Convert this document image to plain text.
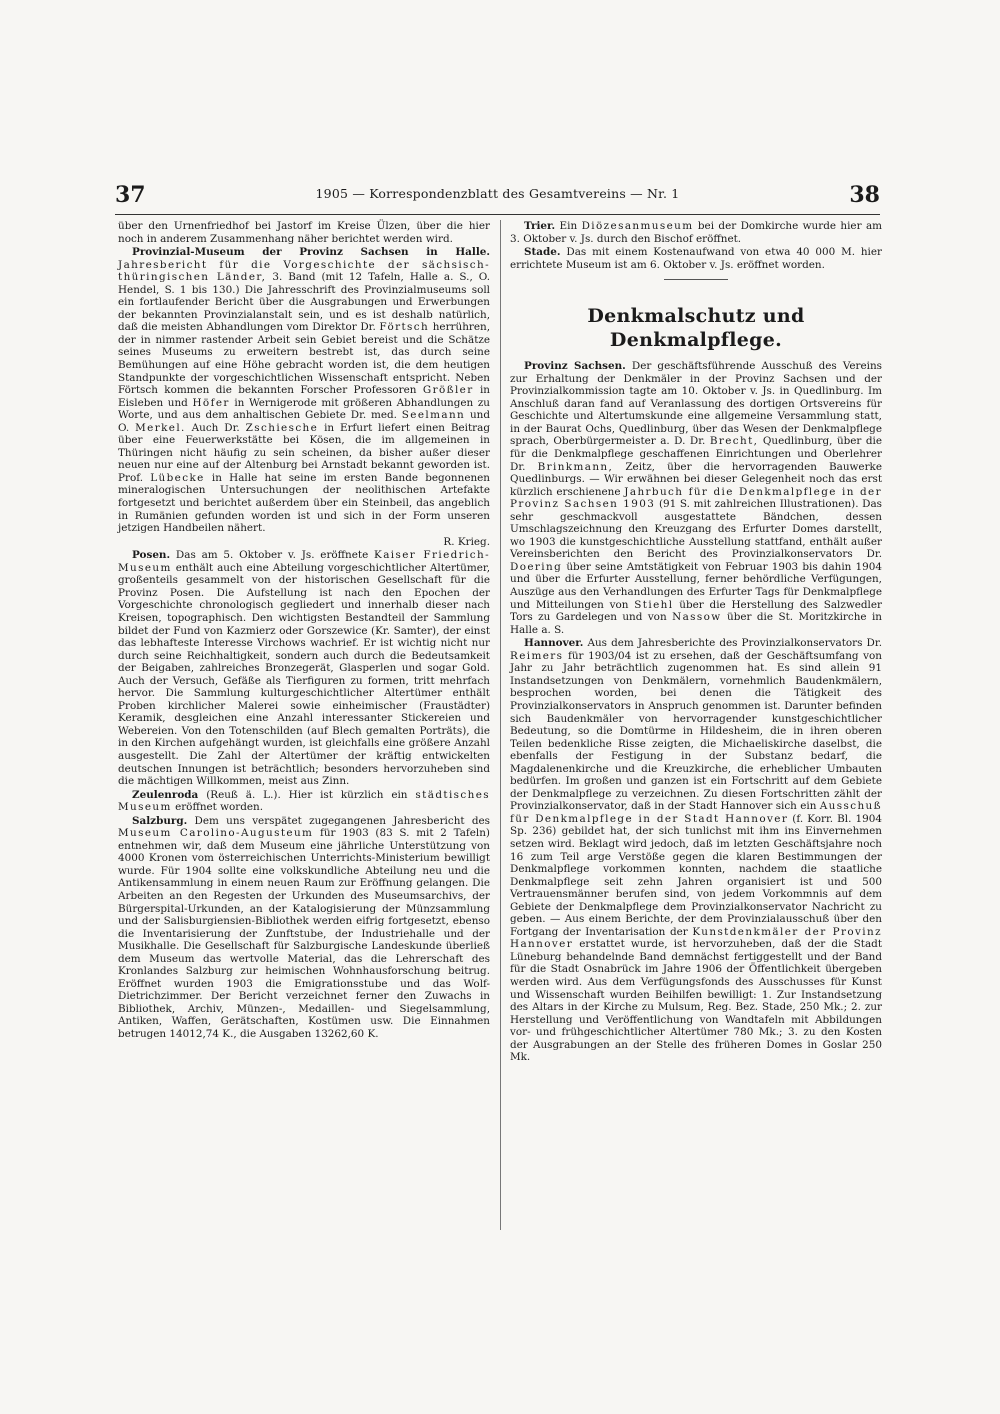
37	1905 — Korrespondenzblatt des Gesamtvereins — Nr. 1	38

über den Urnenfriedhof bei Jastorf im Kreise Ülzen, über die hier noch in anderem Zusammenhang näher berichtet werden wird.

Provinzial-Museum der Provinz Sachsen in Halle. Jahresbericht für die Vorgeschichte der sächsisch-thüringischen Länder, 3. Band (mit 12 Tafeln, Halle a. S., O. Hendel, S. 1 bis 130.) Die Jahresschrift des Provinzialmuseums soll ein fortlaufender Bericht über die Ausgrabungen und Erwerbungen der bekannten Provinzialanstalt sein, und es ist deshalb natürlich, daß die meisten Abhandlungen vom Direktor Dr. Förtsch herrühren, der in nimmer rastender Arbeit sein Gebiet bereist und die Schätze seines Museums zu erweitern bestrebt ist, das durch seine Bemühungen auf eine Höhe gebracht worden ist, die dem heutigen Standpunkte der vorgeschichtlichen Wissenschaft entspricht. Neben Förtsch kommen die bekannten Forscher Professoren Größler in Eisleben und Höfer in Wernigerode mit größeren Abhandlungen zu Worte, und aus dem anhaltischen Gebiete Dr. med. Seelmann und O. Merkel. Auch Dr. Zschiesche in Erfurt liefert einen Beitrag über eine Feuerwerkstätte bei Kösen, die im allgemeinen in Thüringen nicht häufig zu sein scheinen, da bisher außer dieser neuen nur eine auf der Altenburg bei Arnstadt bekannt geworden ist. Prof. Lübecke in Halle hat seine im ersten Bande begonnenen mineralogischen Untersuchungen der neolithischen Artefakte fortgesetzt und berichtet außerdem über ein Steinbeil, das angeblich in Rumänien gefunden worden ist und sich in der Form unseren jetzigen Handbeilen nähert.

R. Krieg.

Posen. Das am 5. Oktober v. Js. eröffnete Kaiser Friedrich-Museum enthält auch eine Abteilung vorgeschichtlicher Altertümer, großenteils gesammelt von der historischen Gesellschaft für die Provinz Posen. Die Aufstellung ist nach den Epochen der Vorgeschichte chronologisch gegliedert und innerhalb dieser nach Kreisen, topographisch. Den wichtigsten Bestandteil der Sammlung bildet der Fund von Kazmierz oder Gorszewice (Kr. Samter), der einst das lebhafteste Interesse Virchows wachrief. Er ist wichtig nicht nur durch seine Reichhaltigkeit, sondern auch durch die Bedeutsamkeit der Beigaben, zahlreiches Bronzegerät, Glasperlen und sogar Gold. Auch der Versuch, Gefäße als Tierfiguren zu formen, tritt mehrfach hervor. Die Sammlung kulturgeschichtlicher Altertümer enthält Proben kirchlicher Malerei sowie einheimischer (Fraustädter) Keramik, desgleichen eine Anzahl interessanter Stickereien und Webereien. Von den Totenschilden (auf Blech gemalten Porträts), die in den Kirchen aufgehängt wurden, ist gleichfalls eine größere Anzahl ausgestellt. Die Zahl der Altertümer der kräftig entwickelten deutschen Innungen ist beträchtlich; besonders hervorzuheben sind die mächtigen Willkommen, meist aus Zinn.

Zeulenroda (Reuß ä. L.). Hier ist kürzlich ein städtisches Museum eröffnet worden.

Salzburg. Dem uns verspätet zugegangenen Jahresbericht des Museum Carolino-Augusteum für 1903 (83 S. mit 2 Tafeln) entnehmen wir, daß dem Museum eine jährliche Unterstützung von 4000 Kronen vom österreichischen Unterrichts-Ministerium bewilligt wurde. Für 1904 sollte eine volkskundliche Abteilung neu und die Antikensammlung in einem neuen Raum zur Eröffnung gelangen. Die Arbeiten an den Regesten der Urkunden des Museumsarchivs, der Bürgerspital-Urkunden, an der Katalogisierung der Münzsammlung und der Salisburgiensien-Bibliothek werden eifrig fortgesetzt, ebenso die Inventarisierung der Zunftstube, der Industriehalle und der Musikhalle. Die Gesellschaft für Salzburgische Landeskunde überließ dem Museum das wertvolle Material, das die Lehrerschaft des Kronlandes Salzburg zur heimischen Wohnhausforschung beitrug. Eröffnet wurden 1903 die Emigrationsstube und das Wolf-Dietrichzimmer. Der Bericht verzeichnet ferner den Zuwachs in Bibliothek, Archiv, Münzen-, Medaillen- und Siegelsammlung, Antiken, Waffen, Gerätschaften, Kostümen usw. Die Einnahmen betrugen 14012,74 K., die Ausgaben 13262,60 K.

Trier. Ein Diözesanmuseum bei der Domkirche wurde hier am 3. Oktober v. Js. durch den Bischof eröffnet.

Stade. Das mit einem Kostenaufwand von etwa 40 000 M. hier errichtete Museum ist am 6. Oktober v. Js. eröffnet worden.

Denkmalschutz und Denkmalpflege.

Provinz Sachsen. Der geschäftsführende Ausschuß des Vereins zur Erhaltung der Denkmäler in der Provinz Sachsen und der Provinzialkommission tagte am 10. Oktober v. Js. in Quedlinburg. Im Anschluß daran fand auf Veranlassung des dortigen Ortsvereins für Geschichte und Altertumskunde eine allgemeine Versammlung statt, in der Baurat Ochs, Quedlinburg, über das Wesen der Denkmalpflege sprach, Oberbürgermeister a. D. Dr. Brecht, Quedlinburg, über die für die Denkmalpflege geschaffenen Einrichtungen und Oberlehrer Dr. Brinkmann, Zeitz, über die hervorragenden Bauwerke Quedlinburgs. — Wir erwähnen bei dieser Gelegenheit noch das erst kürzlich erschienene Jahrbuch für die Denkmalpflege in der Provinz Sachsen 1903 (91 S. mit zahlreichen Illustrationen). Das sehr geschmackvoll ausgestattete Bändchen, dessen Umschlagszeichnung den Kreuzgang des Erfurter Domes darstellt, wo 1903 die kunstgeschichtliche Ausstellung stattfand, enthält außer Vereinsberichten den Bericht des Provinzialkonservators Dr. Doering über seine Amtstätigkeit von Februar 1903 bis dahin 1904 und über die Erfurter Ausstellung, ferner behördliche Verfügungen, Auszüge aus den Verhandlungen des Erfurter Tags für Denkmalpflege und Mitteilungen von Stiehl über die Herstellung des Salzwedler Tors zu Gardelegen und von Nassow über die St. Moritzkirche in Halle a. S.

Hannover. Aus dem Jahresberichte des Provinzialkonservators Dr. Reimers für 1903/04 ist zu ersehen, daß der Geschäftsumfang von Jahr zu Jahr beträchtlich zugenommen hat. Es sind allein 91 Instandsetzungen von Denkmälern, vornehmlich Baudenkmälern, besprochen worden, bei denen die Tätigkeit des Provinzialkonservators in Anspruch genommen ist. Darunter befinden sich Baudenkmäler von hervorragender kunstgeschichtlicher Bedeutung, so die Domtürme in Hildesheim, die in ihren oberen Teilen bedenkliche Risse zeigten, die Michaeliskirche daselbst, die ebenfalls der Festigung in der Substanz bedarf, die Magdalenenkirche und die Kreuzkirche, die erheblicher Umbauten bedürfen. Im großen und ganzen ist ein Fortschritt auf dem Gebiete der Denkmalpflege zu verzeichnen. Zu diesen Fortschritten zählt der Provinzialkonservator, daß in der Stadt Hannover sich ein Ausschuß für Denkmalpflege in der Stadt Hannover (f. Korr. Bl. 1904 Sp. 236) gebildet hat, der sich tunlichst mit ihm ins Einvernehmen setzen wird. Beklagt wird jedoch, daß im letzten Geschäftsjahre noch 16 zum Teil arge Verstöße gegen die klaren Bestimmungen der Denkmalpflege vorkommen konnten, nachdem die staatliche Denkmalpflege seit zehn Jahren organisiert ist und 500 Vertrauensmänner berufen sind, von jedem Vorkommnis auf dem Gebiete der Denkmalpflege dem Provinzialkonservator Nachricht zu geben. — Aus einem Berichte, der dem Provinzialausschuß über den Fortgang der Inventarisation der Kunstdenkmäler der Provinz Hannover erstattet wurde, ist hervorzuheben, daß der die Stadt Lüneburg behandelnde Band demnächst fertiggestellt und der Band für die Stadt Osnabrück im Jahre 1906 der Öffentlichkeit übergeben werden wird. Aus dem Verfügungsfonds des Ausschusses für Kunst und Wissenschaft wurden Beihilfen bewilligt: 1. Zur Instandsetzung des Altars in der Kirche zu Mulsum, Reg. Bez. Stade, 250 Mk.; 2. zur Herstellung und Veröffentlichung von Wandtafeln mit Abbildungen vor- und frühgeschichtlicher Altertümer 780 Mk.; 3. zu den Kosten der Ausgrabungen an der Stelle des früheren Domes in Goslar 250 Mk.
